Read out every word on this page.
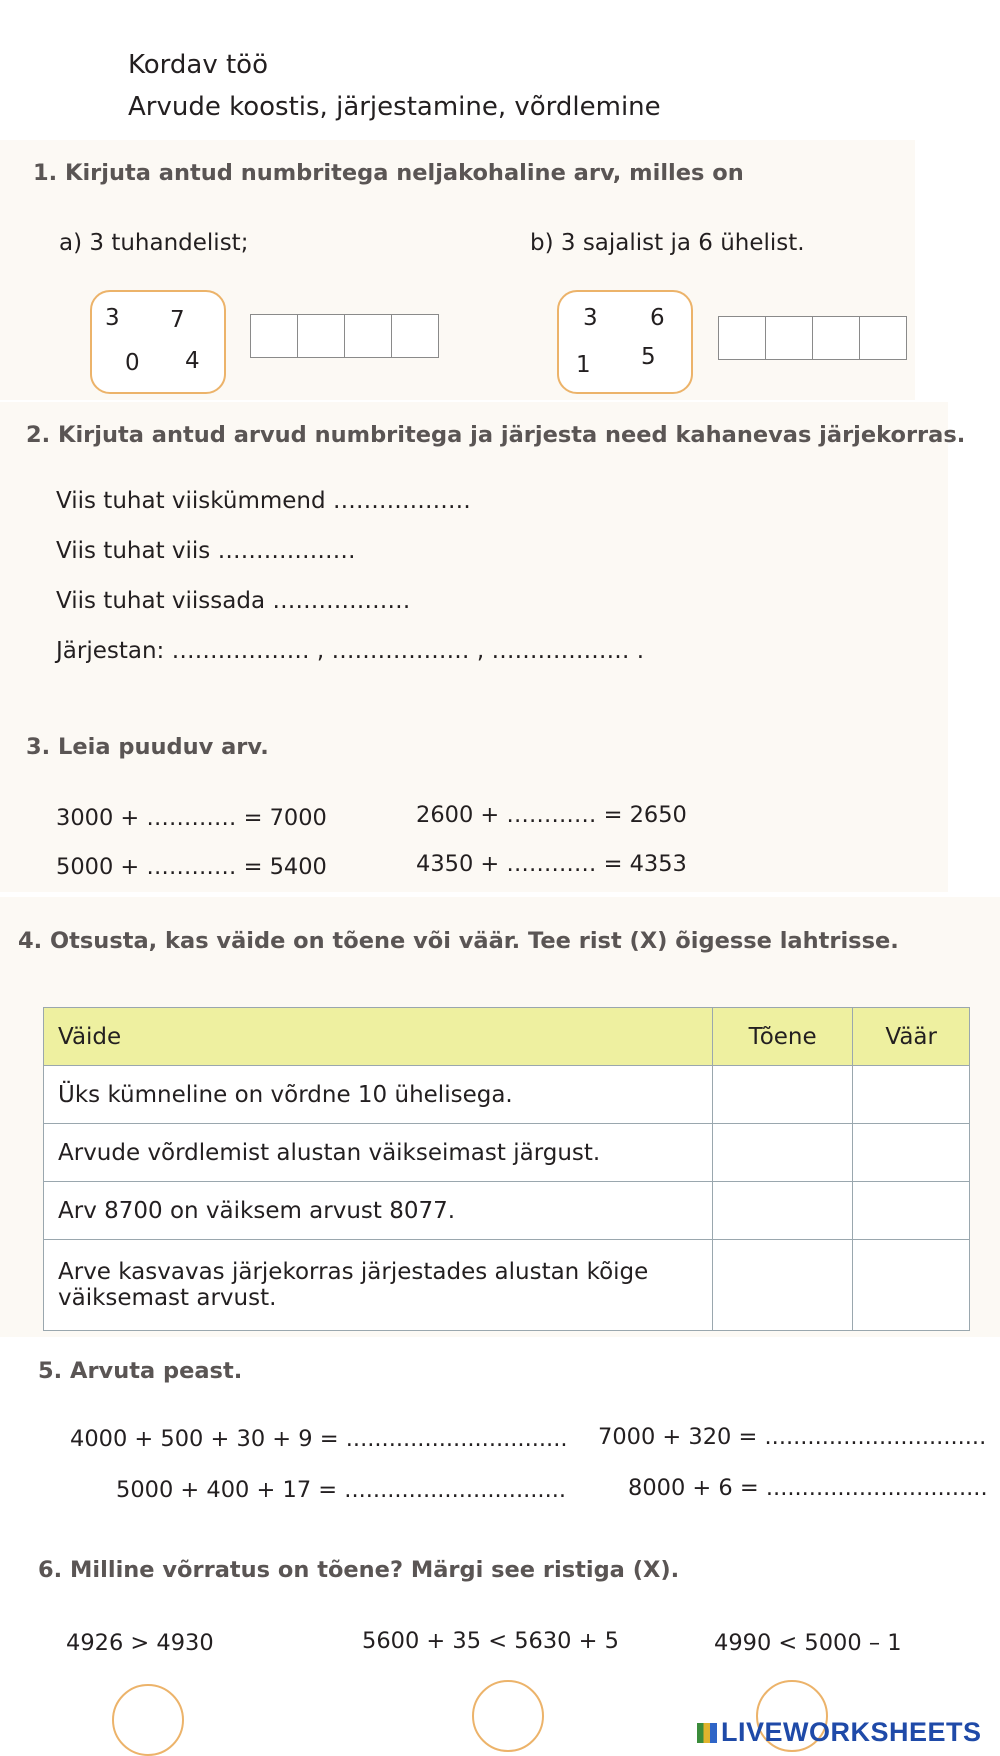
Kordav töö
Arvude koostis, järjestamine, võrdlemine
1. Kirjuta antud numbritega neljakohaline arv, milles on
a) 3 tuhandelist;	b) 3 sajalist ja 6 ühelist.
3 7
0 4
3 6
1 5
2. Kirjuta antud arvud numbritega ja järjesta need kahanevas järjekorras.
Viis tuhat viiskümmend ………………
Viis tuhat viis ………………
Viis tuhat viissada ………………
Järjestan: ……………… , ……………… , ……………… .
3. Leia puuduv arv.
3000 + ………… = 7000	2600 + ………… = 2650
5000 + ………… = 5400	4350 + ………… = 4353
4. Otsusta, kas väide on tõene või väär. Tee rist (X) õigesse lahtrisse.
Väide	Tõene	Väär
Üks kümneline on võrdne 10 ühelisega.		
Arvude võrdlemist alustan väikseimast järgust.		
Arv 8700 on väiksem arvust 8077.		
Arve kasvavas järjekorras järjestades alustan kõige väiksemast arvust.		
5. Arvuta peast.
4000 + 500 + 30 + 9 = ............................... 7000 + 320 = ...............................
5000 + 400 + 17 = ...............................	8000 + 6 = ...............................
6. Milline võrratus on tõene? Märgi see ristiga (X).
4926 > 4930	5600 + 35 < 5630 + 5	4990 < 5000 – 1
LIVEWORKSHEETS
